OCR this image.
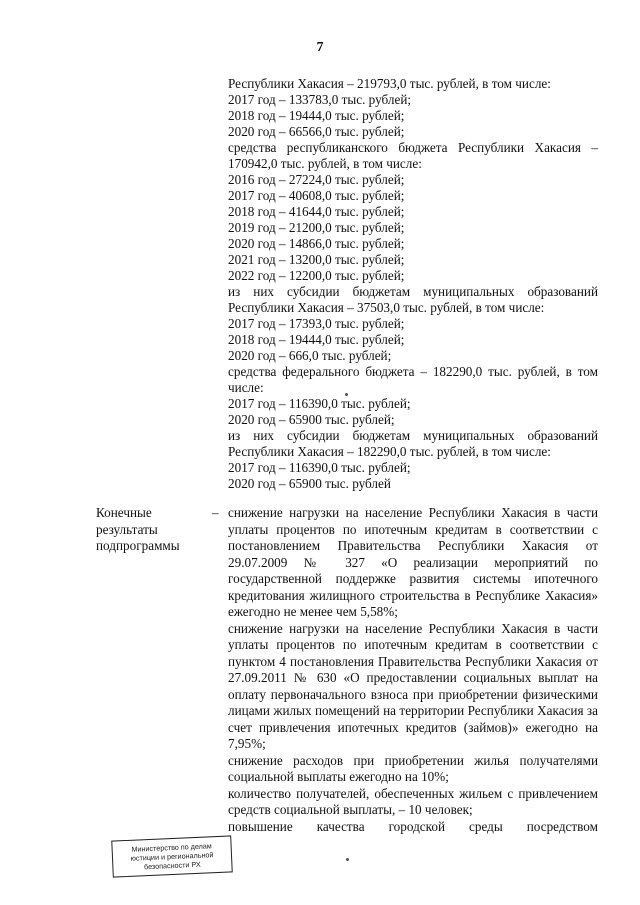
7
Республики Хакасия – 219793,0 тыс. рублей, в том числе:
2017 год – 133783,0 тыс. рублей;
2018 год – 19444,0 тыс. рублей;
2020 год – 66566,0 тыс. рублей;
средства республиканского бюджета Республики Хакасия –
170942,0 тыс. рублей, в том числе:
2016 год – 27224,0 тыс. рублей;
2017 год – 40608,0 тыс. рублей;
2018 год – 41644,0 тыс. рублей;
2019 год – 21200,0 тыс. рублей;
2020 год – 14866,0 тыс. рублей;
2021 год – 13200,0 тыс. рублей;
2022 год – 12200,0 тыс. рублей;
из них субсидии бюджетам муниципальных образований
Республики Хакасия – 37503,0 тыс. рублей, в том числе:
2017 год – 17393,0 тыс. рублей;
2018 год – 19444,0 тыс. рублей;
2020 год – 666,0 тыс. рублей;
средства федерального бюджета – 182290,0 тыс. рублей, в том
числе:
2017 год – 116390,0 тыс. рублей;
2020 год – 65900 тыс. рублей;
из них субсидии бюджетам муниципальных образований
Республики Хакасия – 182290,0 тыс. рублей, в том числе:
2017 год – 116390,0 тыс. рублей;
2020 год – 65900 тыс. рублей
Конечные результаты подпрограммы
– снижение нагрузки на население Республики Хакасия в части уплаты процентов по ипотечным кредитам в соответствии с постановлением Правительства Республики Хакасия от 29.07.2009 № 327 «О реализации мероприятий по государственной поддержке развития системы ипотечного кредитования жилищного строительства в Республике Хакасия» ежегодно не менее чем 5,58%;
снижение нагрузки на население Республики Хакасия в части уплаты процентов по ипотечным кредитам в соответствии с пунктом 4 постановления Правительства Республики Хакасия от 27.09.2011 № 630 «О предоставлении социальных выплат на оплату первоначального взноса при приобретении физическими лицами жилых помещений на территории Республики Хакасия за счет привлечения ипотечных кредитов (займов)» ежегодно на 7,95%;
снижение расходов при приобретении жилья получателями социальной выплаты ежегодно на 10%;
количество получателей, обеспеченных жильем с привлечением средств социальной выплаты, – 10 человек;
повышение качества городской среды посредством
Министерство по делам
юстиции и региональной
безопасности РХ
